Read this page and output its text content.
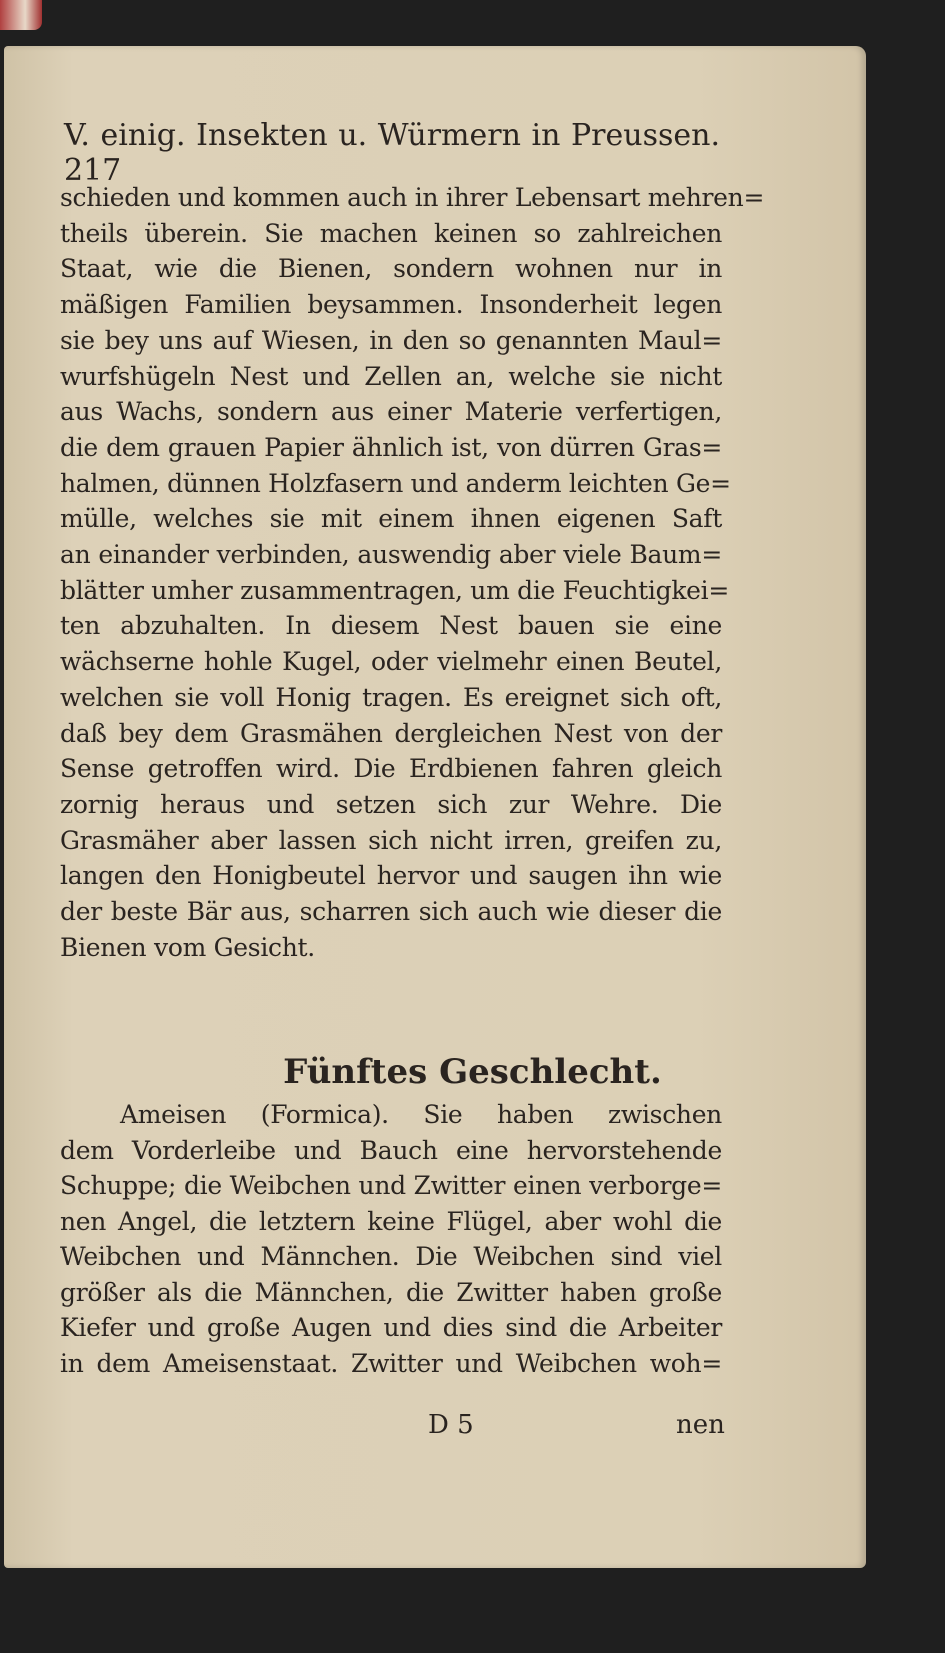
V. einig. Insekten u. Würmern in Preussen. 217
schieden und kommen auch in ihrer Lebensart mehren=
theils überein. Sie machen keinen so zahlreichen
Staat, wie die Bienen, sondern wohnen nur in
mäßigen Familien beysammen. Insonderheit legen
sie bey uns auf Wiesen, in den so genannten Maul=
wurfshügeln Nest und Zellen an, welche sie nicht
aus Wachs, sondern aus einer Materie verfertigen,
die dem grauen Papier ähnlich ist, von dürren Gras=
halmen, dünnen Holzfasern und anderm leichten Ge=
mülle, welches sie mit einem ihnen eigenen Saft
an einander verbinden, auswendig aber viele Baum=
blätter umher zusammentragen, um die Feuchtigkei=
ten abzuhalten. In diesem Nest bauen sie eine
wächserne hohle Kugel, oder vielmehr einen Beutel,
welchen sie voll Honig tragen. Es ereignet sich oft,
daß bey dem Grasmähen dergleichen Nest von der
Sense getroffen wird. Die Erdbienen fahren gleich
zornig heraus und setzen sich zur Wehre. Die
Grasmäher aber lassen sich nicht irren, greifen zu,
langen den Honigbeutel hervor und saugen ihn wie
der beste Bär aus, scharren sich auch wie dieser die
Bienen vom Gesicht.
Fünftes Geschlecht.
Ameisen (Formica). Sie haben zwischen
dem Vorderleibe und Bauch eine hervorstehende
Schuppe; die Weibchen und Zwitter einen verborge=
nen Angel, die letztern keine Flügel, aber wohl die
Weibchen und Männchen. Die Weibchen sind viel
größer als die Männchen, die Zwitter haben große
Kiefer und große Augen und dies sind die Arbeiter
in dem Ameisenstaat. Zwitter und Weibchen woh=
D 5	nen
